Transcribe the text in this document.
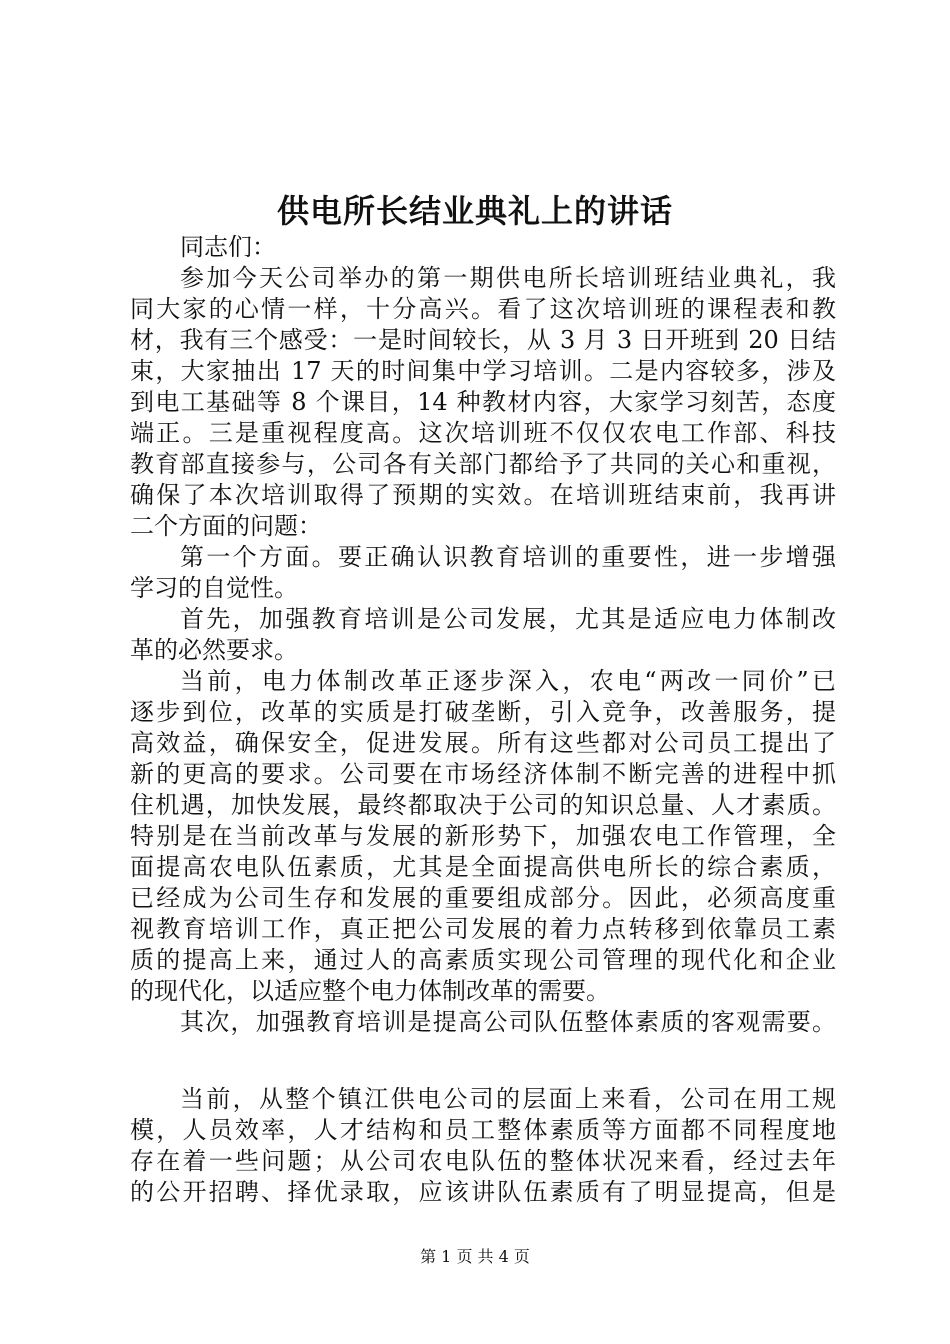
供电所长结业典礼上的讲话
同志们：
参加今天公司举办的第一期供电所长培训班结业典礼，我
同大家的心情一样，十分高兴。看了这次培训班的课程表和教
材，我有三个感受：一是时间较长，从 3 月 3 日开班到 20 日结
束，大家抽出 17 天的时间集中学习培训。二是内容较多，涉及
到电工基础等 8 个课目，14 种教材内容，大家学习刻苦，态度
端正。三是重视程度高。这次培训班不仅仅农电工作部、科技
教育部直接参与，公司各有关部门都给予了共同的关心和重视，
确保了本次培训取得了预期的实效。在培训班结束前，我再讲
二个方面的问题：
第一个方面。要正确认识教育培训的重要性，进一步增强
学习的自觉性。
首先，加强教育培训是公司发展，尤其是适应电力体制改
革的必然要求。
当前，电力体制改革正逐步深入，农电“两改一同价”已
逐步到位，改革的实质是打破垄断，引入竞争，改善服务，提
高效益，确保安全，促进发展。所有这些都对公司员工提出了
新的更高的要求。公司要在市场经济体制不断完善的进程中抓
住机遇，加快发展，最终都取决于公司的知识总量、人才素质。
特别是在当前改革与发展的新形势下，加强农电工作管理，全
面提高农电队伍素质，尤其是全面提高供电所长的综合素质，
已经成为公司生存和发展的重要组成部分。因此，必须高度重
视教育培训工作，真正把公司发展的着力点转移到依靠员工素
质的提高上来，通过人的高素质实现公司管理的现代化和企业
的现代化，以适应整个电力体制改革的需要。
其次，加强教育培训是提高公司队伍整体素质的客观需要。
当前，从整个镇江供电公司的层面上来看，公司在用工规
模，人员效率，人才结构和员工整体素质等方面都不同程度地
存在着一些问题；从公司农电队伍的整体状况来看，经过去年
的公开招聘、择优录取，应该讲队伍素质有了明显提高，但是
第 1 页 共 4 页
